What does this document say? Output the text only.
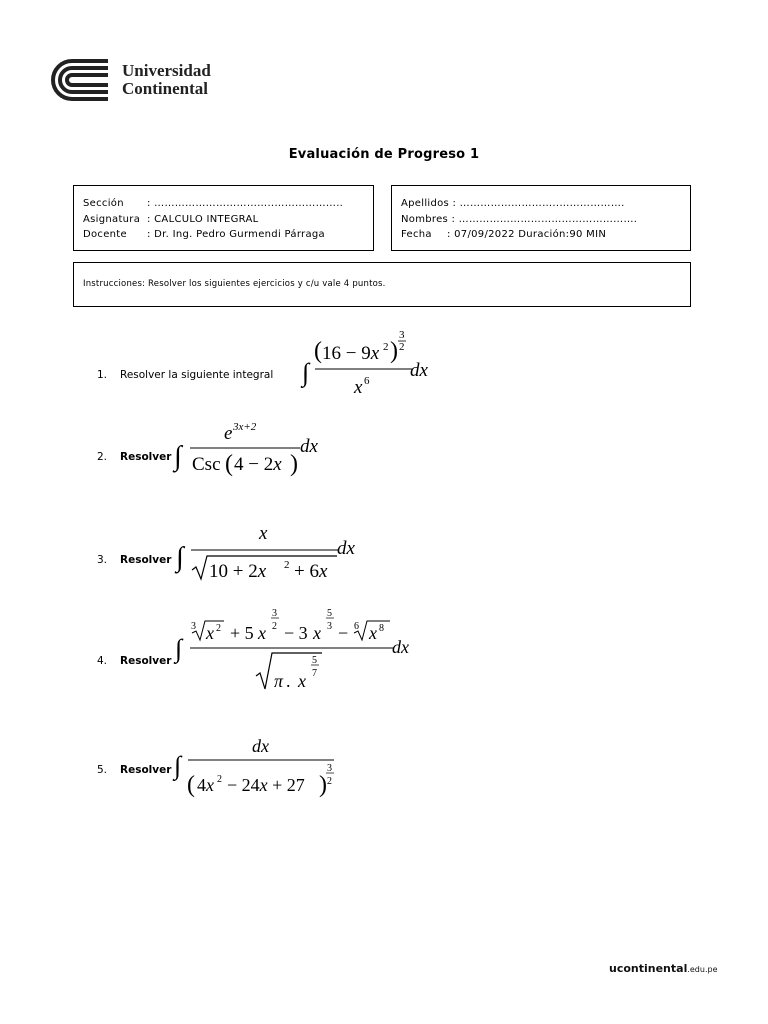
Universidad
Continental
Evaluación de Progreso 1
Sección : ……………………………..………………..
Asignatura : CALCULO INTEGRAL
Docente : Dr. Ing. Pedro Gurmendi Párraga
Apellidos : ………………………..……………….
Nombres : …………………………………………….
Fecha : 07/09/2022 Duración:90 MIN
Instrucciones: Resolver los siguientes ejercicios y c/u vale 4 puntos.
1. Resolver la siguiente integral ∫
( 16 − 9x 2 )
3
2
x 6 dx
2. Resolver ∫
e 3x+2
Csc ( 4 − 2x )
dx
3. Resolver ∫
x
10 + 2x 2 + 6x
dx
4. Resolver ∫
3 x 2 + 5 x
3
2 − 3 x
5
3 − 6 x 8
π . x
5
7
dx
5. Resolver ∫
dx
( 4x 2 − 24x + 27 )
3
2
ucontinental.edu.pe
